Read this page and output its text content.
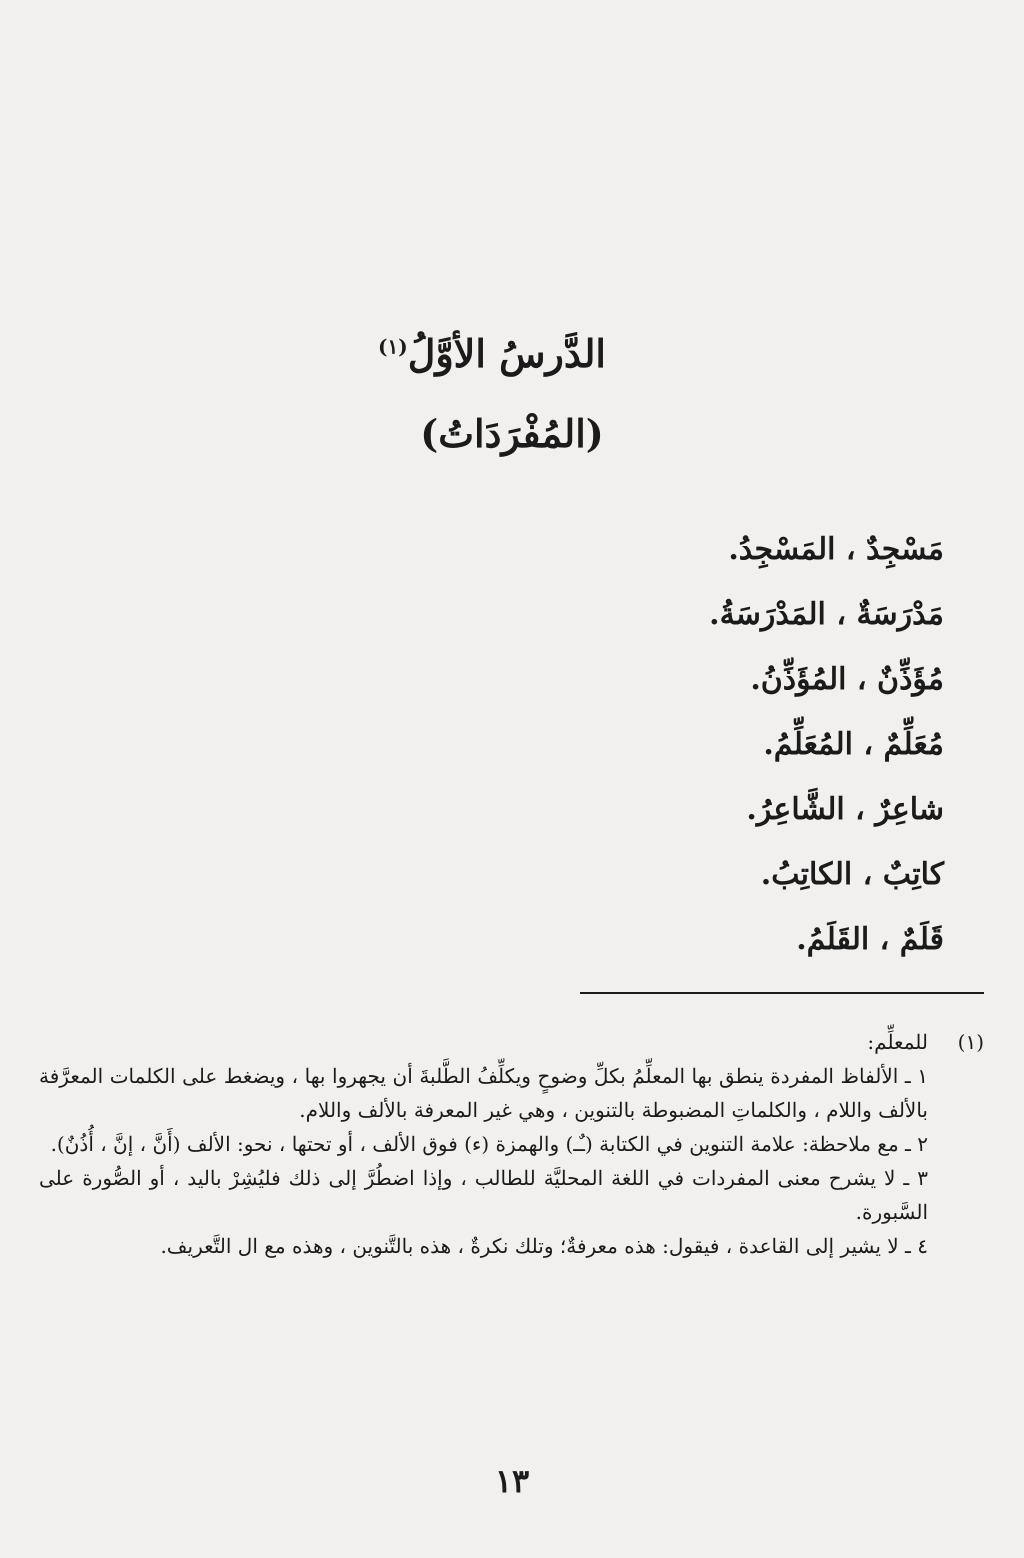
الدَّرسُ الأوَّلُ$^{(١)}$
(المُفْرَدَاتُ)
مَسْجِدٌ ، المَسْجِدُ.
مَدْرَسَةٌ ، المَدْرَسَةُ.
مُؤَذِّنٌ ، المُؤَذِّنُ.
مُعَلِّمٌ ، المُعَلِّمُ.
شاعِرٌ ، الشَّاعِرُ.
كاتِبٌ ، الكاتِبُ.
قَلَمٌ ، القَلَمُ.
(١)

للمعلِّم:

١ ـ الألفاظ المفردة ينطق بها المعلِّمُ بكلِّ وضوحٍ ويكلِّفُ الطَّلبةَ أن يجهروا بها ، ويضغط على الكلمات المعرَّفة بالألف واللام ، والكلماتِ المضبوطة بالتنوين ، وهي غير المعرفة بالألف واللام.

٢ ـ مع ملاحظة: علامة التنوين في الكتابة (ـٌـ) والهمزة (ء) فوق الألف ، أو تحتها ، نحو: الألف (أَنَّ ، إنَّ ، أُذُنٌ).

٣ ـ لا يشرح معنى المفردات في اللغة المحليَّة للطالب ، وإذا اضطُرَّ إلى ذلك فليُشِرْ باليد ، أو الصُّورة على السَّبورة.

٤ ـ لا يشير إلى القاعدة ، فيقول: هذه معرفةٌ؛ وتلك نكرةٌ ، هذه بالتَّنوين ، وهذه مع ال التَّعريف.

١٣
